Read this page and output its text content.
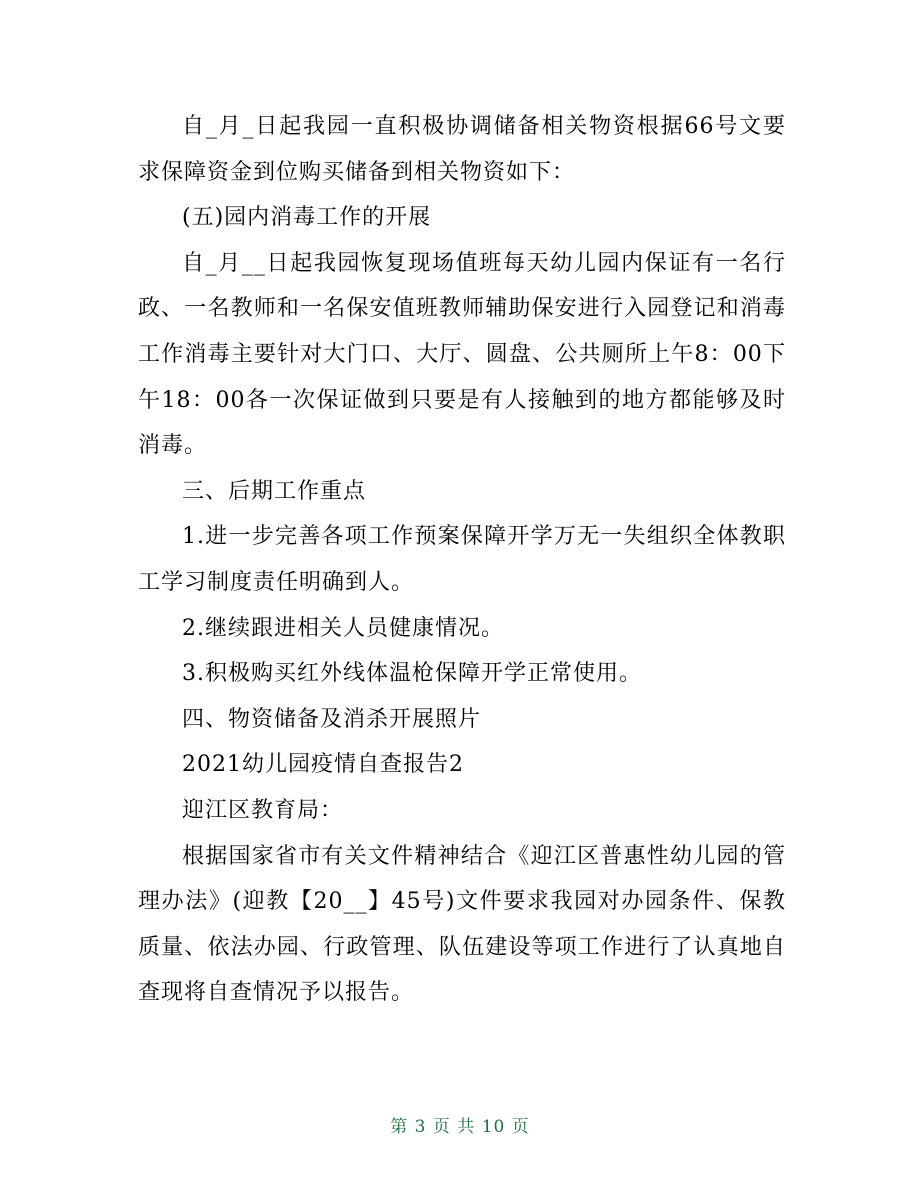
自_月_日起我园一直积极协调储备相关物资根据66号文要求保障资金到位购买储备到相关物资如下：

(五)园内消毒工作的开展

自_月__日起我园恢复现场值班每天幼儿园内保证有一名行政、一名教师和一名保安值班教师辅助保安进行入园登记和消毒工作消毒主要针对大门口、大厅、圆盘、公共厕所上午8：00下午18：00各一次保证做到只要是有人接触到的地方都能够及时消毒。

三、后期工作重点

1.进一步完善各项工作预案保障开学万无一失组织全体教职工学习制度责任明确到人。

2.继续跟进相关人员健康情况。

3.积极购买红外线体温枪保障开学正常使用。

四、物资储备及消杀开展照片

2021幼儿园疫情自查报告2

迎江区教育局：

根据国家省市有关文件精神结合《迎江区普惠性幼儿园的管理办法》(迎教【20__】45号)文件要求我园对办园条件、保教质量、依法办园、行政管理、队伍建设等项工作进行了认真地自查现将自查情况予以报告。

第 3 页 共 10 页
